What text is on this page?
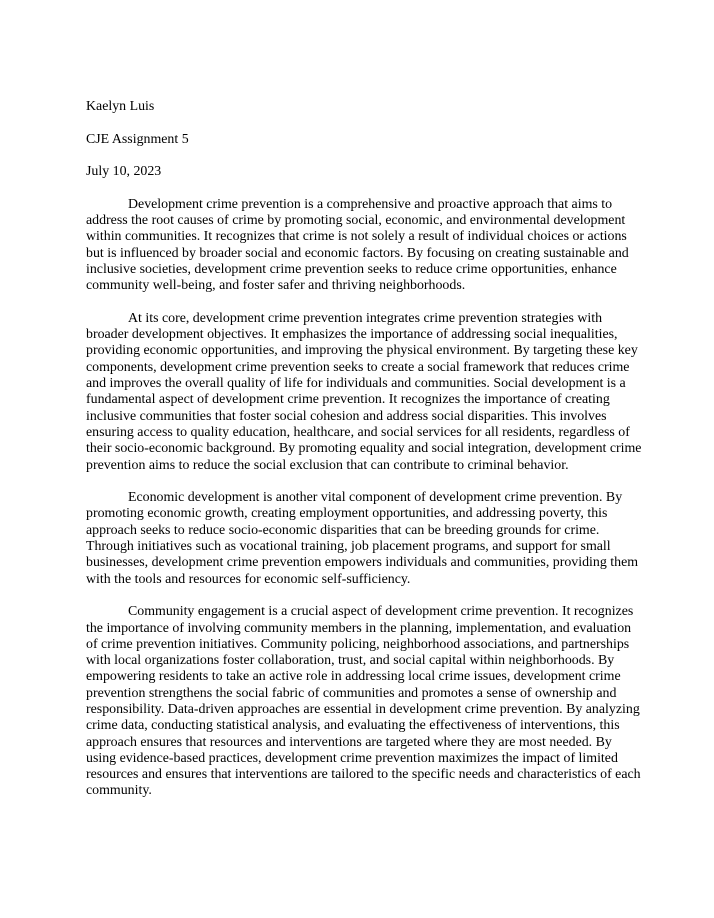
Kaelyn Luis

CJE Assignment 5

July 10, 2023

Development crime prevention is a comprehensive and proactive approach that aims to address the root causes of crime by promoting social, economic, and environmental development within communities. It recognizes that crime is not solely a result of individual choices or actions but is influenced by broader social and economic factors. By focusing on creating sustainable and inclusive societies, development crime prevention seeks to reduce crime opportunities, enhance community well-being, and foster safer and thriving neighborhoods.

At its core, development crime prevention integrates crime prevention strategies with broader development objectives. It emphasizes the importance of addressing social inequalities, providing economic opportunities, and improving the physical environment. By targeting these key components, development crime prevention seeks to create a social framework that reduces crime and improves the overall quality of life for individuals and communities. Social development is a fundamental aspect of development crime prevention. It recognizes the importance of creating inclusive communities that foster social cohesion and address social disparities. This involves ensuring access to quality education, healthcare, and social services for all residents, regardless of their socio-economic background. By promoting equality and social integration, development crime prevention aims to reduce the social exclusion that can contribute to criminal behavior.

Economic development is another vital component of development crime prevention. By promoting economic growth, creating employment opportunities, and addressing poverty, this approach seeks to reduce socio-economic disparities that can be breeding grounds for crime. Through initiatives such as vocational training, job placement programs, and support for small businesses, development crime prevention empowers individuals and communities, providing them with the tools and resources for economic self-sufficiency.

Community engagement is a crucial aspect of development crime prevention. It recognizes the importance of involving community members in the planning, implementation, and evaluation of crime prevention initiatives. Community policing, neighborhood associations, and partnerships with local organizations foster collaboration, trust, and social capital within neighborhoods. By empowering residents to take an active role in addressing local crime issues, development crime prevention strengthens the social fabric of communities and promotes a sense of ownership and responsibility. Data-driven approaches are essential in development crime prevention. By analyzing crime data, conducting statistical analysis, and evaluating the effectiveness of interventions, this approach ensures that resources and interventions are targeted where they are most needed. By using evidence-based practices, development crime prevention maximizes the impact of limited resources and ensures that interventions are tailored to the specific needs and characteristics of each community.
